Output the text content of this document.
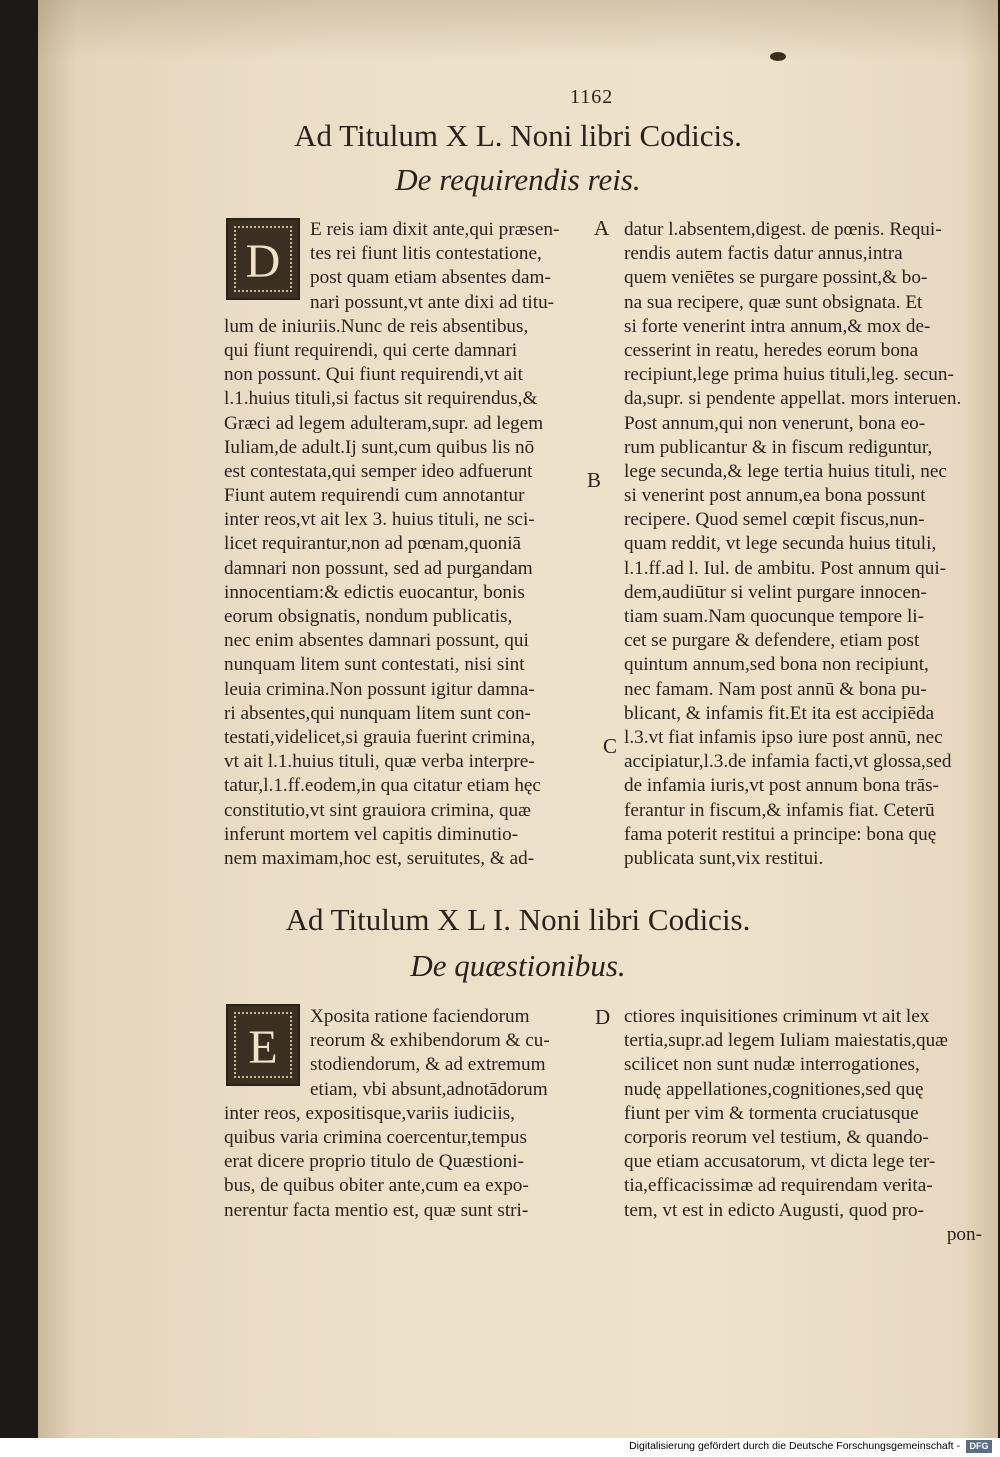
1162
Ad Titulum X L. Noni libri Codicis.
De requirendis reis.
D
E reis iam dixit ante,qui præsen-
tes rei fiunt litis contestatione,
post quam etiam absentes dam-
nari possunt,vt ante dixi ad titu-
lum de iniuriis.Nunc de reis absentibus,
qui fiunt requirendi, qui certe damnari
non possunt. Qui fiunt requirendi,vt ait
l.1.huius tituli,si factus sit requirendus,&
Græci ad legem adulteram,supr. ad legem
Iuliam,de adult.Ij sunt,cum quibus lis nō
est contestata,qui semper ideo adfuerunt
Fiunt autem requirendi cum annotantur
inter reos,vt ait lex 3. huius tituli, ne sci-
licet requirantur,non ad pœnam,quoniā
damnari non possunt, sed ad purgandam
innocentiam:& edictis euocantur, bonis
eorum obsignatis, nondum publicatis,
nec enim absentes damnari possunt, qui
nunquam litem sunt contestati, nisi sint
leuia crimina.Non possunt igitur damna-
ri absentes,qui nunquam litem sunt con-
testati,videlicet,si grauia fuerint crimina,
vt ait l.1.huius tituli, quæ verba interpre-
tatur,l.1.ff.eodem,in qua citatur etiam hęc
constitutio,vt sint grauiora crimina, quæ
inferunt mortem vel capitis diminutio-
nem maximam,hoc est, seruitutes, & ad-
A
B
C
datur l.absentem,digest. de pœnis. Requi-
rendis autem factis datur annus,intra
quem veniētes se purgare possint,& bo-
na sua recipere, quæ sunt obsignata. Et
si forte venerint intra annum,& mox de-
cesserint in reatu, heredes eorum bona
recipiunt,lege prima huius tituli,leg. secun-
da,supr. si pendente appellat. mors interuen.
Post annum,qui non venerunt, bona eo-
rum publicantur & in fiscum rediguntur,
lege secunda,& lege tertia huius tituli, nec
si venerint post annum,ea bona possunt
recipere. Quod semel cœpit fiscus,nun-
quam reddit, vt lege secunda huius tituli,
l.1.ff.ad l. Iul. de ambitu. Post annum qui-
dem,audiūtur si velint purgare innocen-
tiam suam.Nam quocunque tempore li-
cet se purgare & defendere, etiam post
quintum annum,sed bona non recipiunt,
nec famam. Nam post annū & bona pu-
blicant, & infamis fit.Et ita est accipiēda
l.3.vt fiat infamis ipso iure post annū, nec
accipiatur,l.3.de infamia facti,vt glossa,sed
de infamia iuris,vt post annum bona trās-
ferantur in fiscum,& infamis fiat. Ceterū
fama poterit restitui a principe: bona quę
publicata sunt,vix restitui.
Ad Titulum X L I. Noni libri Codicis.
De quæstionibus.
E
Xposita ratione faciendorum
reorum & exhibendorum & cu-
stodiendorum, & ad extremum
etiam, vbi absunt,adnotādorum
inter reos, expositisque,variis iudiciis,
quibus varia crimina coercentur,tempus
erat dicere proprio titulo de Quæstioni-
bus, de quibus obiter ante,cum ea expo-
nerentur facta mentio est, quæ sunt stri-
D ctiores inquisitiones criminum vt ait lex
tertia,supr.ad legem Iuliam maiestatis,quæ
scilicet non sunt nudæ interrogationes,
nudę appellationes,cognitiones,sed quę
fiunt per vim & tormenta cruciatusque
corporis reorum vel testium, & quando-
que etiam accusatorum, vt dicta lege ter-
tia,efficacissimæ ad requirendam verita-
tem, vt est in edicto Augusti, quod pro-
pon-
Digitalisierung gefördert durch die Deutsche Forschungsgemeinschaft -	DFG
